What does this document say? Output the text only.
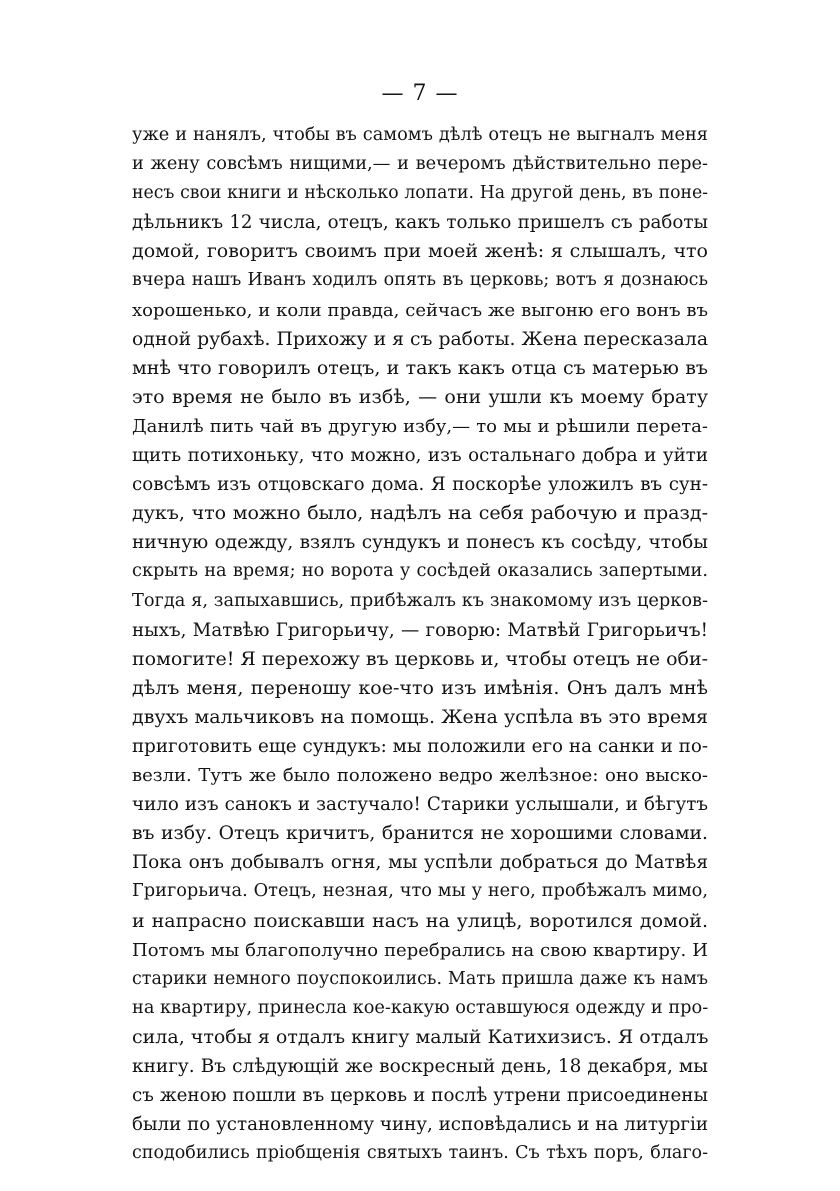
— 7 —
уже и нанялъ, чтобы въ самомъ дѣлѣ отецъ не выгналъ меня
и жену совсѣмъ нищими,— и вечеромъ дѣйствительно пере-
несъ свои книги и нѣсколько лопати. На другой день, въ поне-
дѣльникъ 12 числа, отецъ, какъ только пришелъ съ работы
домой, говоритъ своимъ при моей женѣ: я слышалъ, что
вчера нашъ Иванъ ходилъ опять въ церковь; вотъ я дознаюсь
хорошенько, и коли правда, сейчасъ же выгоню его вонъ въ
одной рубахѣ. Прихожу и я съ работы. Жена пересказала
мнѣ что говорилъ отецъ, и такъ какъ отца съ матерью въ
это время не было въ избѣ, — они ушли къ моему брату
Данилѣ пить чай въ другую избу,— то мы и рѣшили перета-
щить потихоньку, что можно, изъ остальнаго добра и уйти
совсѣмъ изъ отцовскаго дома. Я поскорѣе уложилъ въ сун-
дукъ, что можно было, надѣлъ на себя рабочую и празд-
ничную одежду, взялъ сундукъ и понесъ къ сосѣду, чтобы
скрыть на время; но ворота у сосѣдей оказались запертыми.
Тогда я, запыхавшись, прибѣжалъ къ знакомому изъ церков-
ныхъ, Матвѣю Григорьичу, — говорю: Матвѣй Григорьичъ!
помогите! Я перехожу въ церковь и, чтобы отецъ не оби-
дѣлъ меня, переношу кое-что изъ имѣнія. Онъ далъ мнѣ
двухъ мальчиковъ на помощь. Жена успѣла въ это время
приготовить еще сундукъ: мы положили его на санки и по-
везли. Тутъ же было положено ведро желѣзное: оно выско-
чило изъ санокъ и застучало! Старики услышали, и бѣгутъ
въ избу. Отецъ кричитъ, бранится не хорошими словами.
Пока онъ добывалъ огня, мы успѣли добраться до Матвѣя
Григорьича. Отецъ, незная, что мы у него, пробѣжалъ мимо,
и напрасно поискавши насъ на улицѣ, воротился домой.
Потомъ мы благополучно перебрались на свою квартиру. И
старики немного поуспокоились. Мать пришла даже къ намъ
на квартиру, принесла кое-какую оставшуюся одежду и про-
сила, чтобы я отдалъ книгу малый Катихизисъ. Я отдалъ
книгу. Въ слѣдующій же воскресный день, 18 декабря, мы
съ женою пошли въ церковь и послѣ утрени присоединены
были по установленному чину, исповѣдались и на литургіи
сподобились пріобщенія святыхъ таинъ. Съ тѣхъ поръ, благо-
